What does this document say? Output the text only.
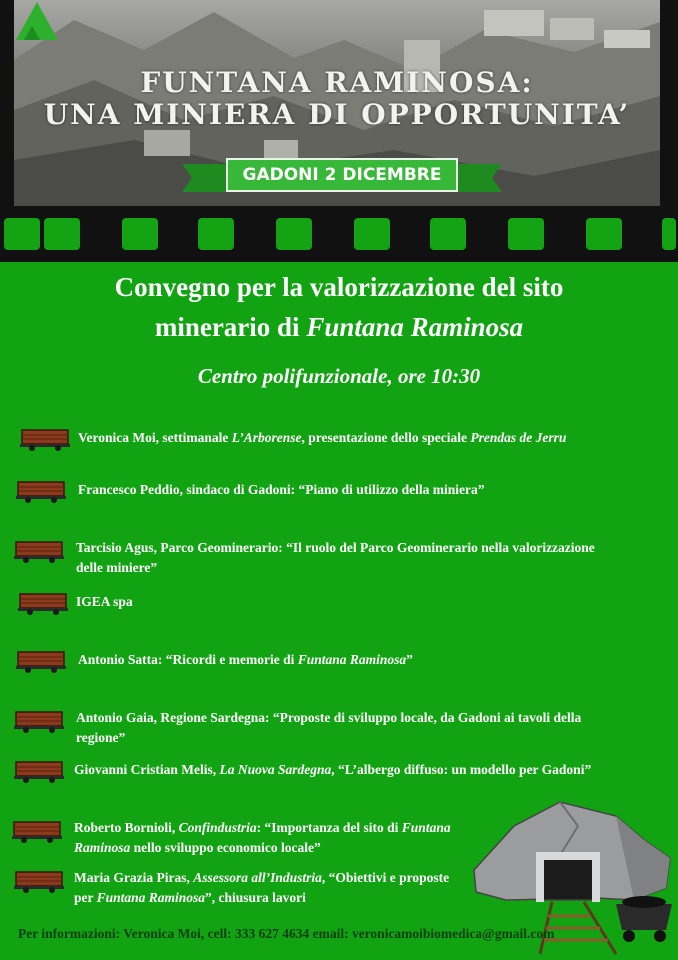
FUNTANA RAMINOSA:
UNA MINIERA DI OPPORTUNITA’
GADONI 2 DICEMBRE
Convegno per la valorizzazione del sito
minerario di Funtana Raminosa
Centro polifunzionale, ore 10:30
Veronica Moi, settimanale L’Arborense, presentazione dello speciale Prendas de Jerru
Francesco Peddio, sindaco di Gadoni: “Piano di utilizzo della miniera”
Tarcisio Agus, Parco Geominerario: “Il ruolo del Parco Geominerario nella valorizzazione
delle miniere”
IGEA spa
Antonio Satta: “Ricordi e memorie di Funtana Raminosa”
Antonio Gaia, Regione Sardegna: “Proposte di sviluppo locale, da Gadoni ai tavoli della
regione”
Giovanni Cristian Melis, La Nuova Sardegna, “L’albergo diffuso: un modello per Gadoni”
Roberto Bornioli, Confindustria: “Importanza del sito di Funtana
Raminosa nello sviluppo economico locale”
Maria Grazia Piras, Assessora all’Industria, “Obiettivi e proposte
per Funtana Raminosa”, chiusura lavori
Per informazioni: Veronica Moi, cell: 333 627 4634 email: veronicamoibiomedica@gmail.com
